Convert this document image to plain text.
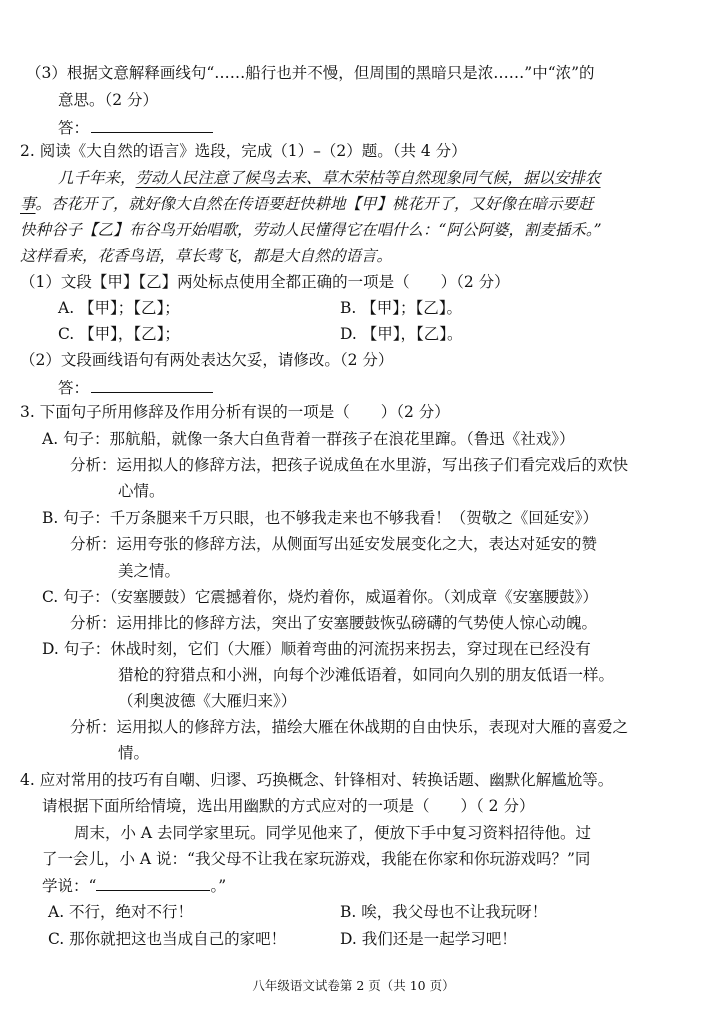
（3）根据文意解释画线句“……船行也并不慢，但周围的黑暗只是浓……”中“浓”的
意思。（2 分）
答：
2. 阅读《大自然的语言》选段，完成（1）–（2）题。（共 4 分）
几千年来，劳动人民注意了候鸟去来、草木荣枯等自然现象同气候，据以安排农
事。杏花开了，就好像大自然在传语要赶快耕地【甲】桃花开了，又好像在暗示要赶
快种谷子【乙】布谷鸟开始唱歌，劳动人民懂得它在唱什么：“阿公阿婆，割麦插禾。”
这样看来，花香鸟语，草长莺飞，都是大自然的语言。
（1）文段【甲】【乙】两处标点使用全都正确的一项是（　　）（2 分）
A. 【甲】；【乙】；	B. 【甲】；【乙】。
C. 【甲】，【乙】；	D. 【甲】，【乙】。
（2）文段画线语句有两处表达欠妥，请修改。（2 分）
答：
3. 下面句子所用修辞及作用分析有误的一项是（　　）（2 分）
A. 句子：那航船，就像一条大白鱼背着一群孩子在浪花里蹿。（鲁迅《社戏》）
分析：运用拟人的修辞方法，把孩子说成鱼在水里游，写出孩子们看完戏后的欢快
心情。
B. 句子：千万条腿来千万只眼，也不够我走来也不够我看！（贺敬之《回延安》）
分析：运用夸张的修辞方法，从侧面写出延安发展变化之大，表达对延安的赞
美之情。
C. 句子：（安塞腰鼓）它震撼着你，烧灼着你，威逼着你。（刘成章《安塞腰鼓》）
分析：运用排比的修辞方法，突出了安塞腰鼓恢弘磅礴的气势使人惊心动魄。
D. 句子：休战时刻，它们（大雁）顺着弯曲的河流拐来拐去，穿过现在已经没有
猎枪的狩猎点和小洲，向每个沙滩低语着，如同向久别的朋友低语一样。
（利奥波德《大雁归来》）
分析：运用拟人的修辞方法，描绘大雁在休战期的自由快乐，表现对大雁的喜爱之
情。
4. 应对常用的技巧有自嘲、归谬、巧换概念、针锋相对、转换话题、幽默化解尴尬等。
请根据下面所给情境，选出用幽默的方式应对的一项是（　　）（ 2 分）
周末，小 A 去同学家里玩。同学见他来了，便放下手中复习资料招待他。过
了一会儿，小 A 说：“我父母不让我在家玩游戏，我能在你家和你玩游戏吗？”同
学说：“	。”
A. 不行，绝对不行！	B. 唉，我父母也不让我玩呀！
C. 那你就把这也当成自己的家吧！	D. 我们还是一起学习吧！
八年级语文试卷第 2 页（共 10 页）
